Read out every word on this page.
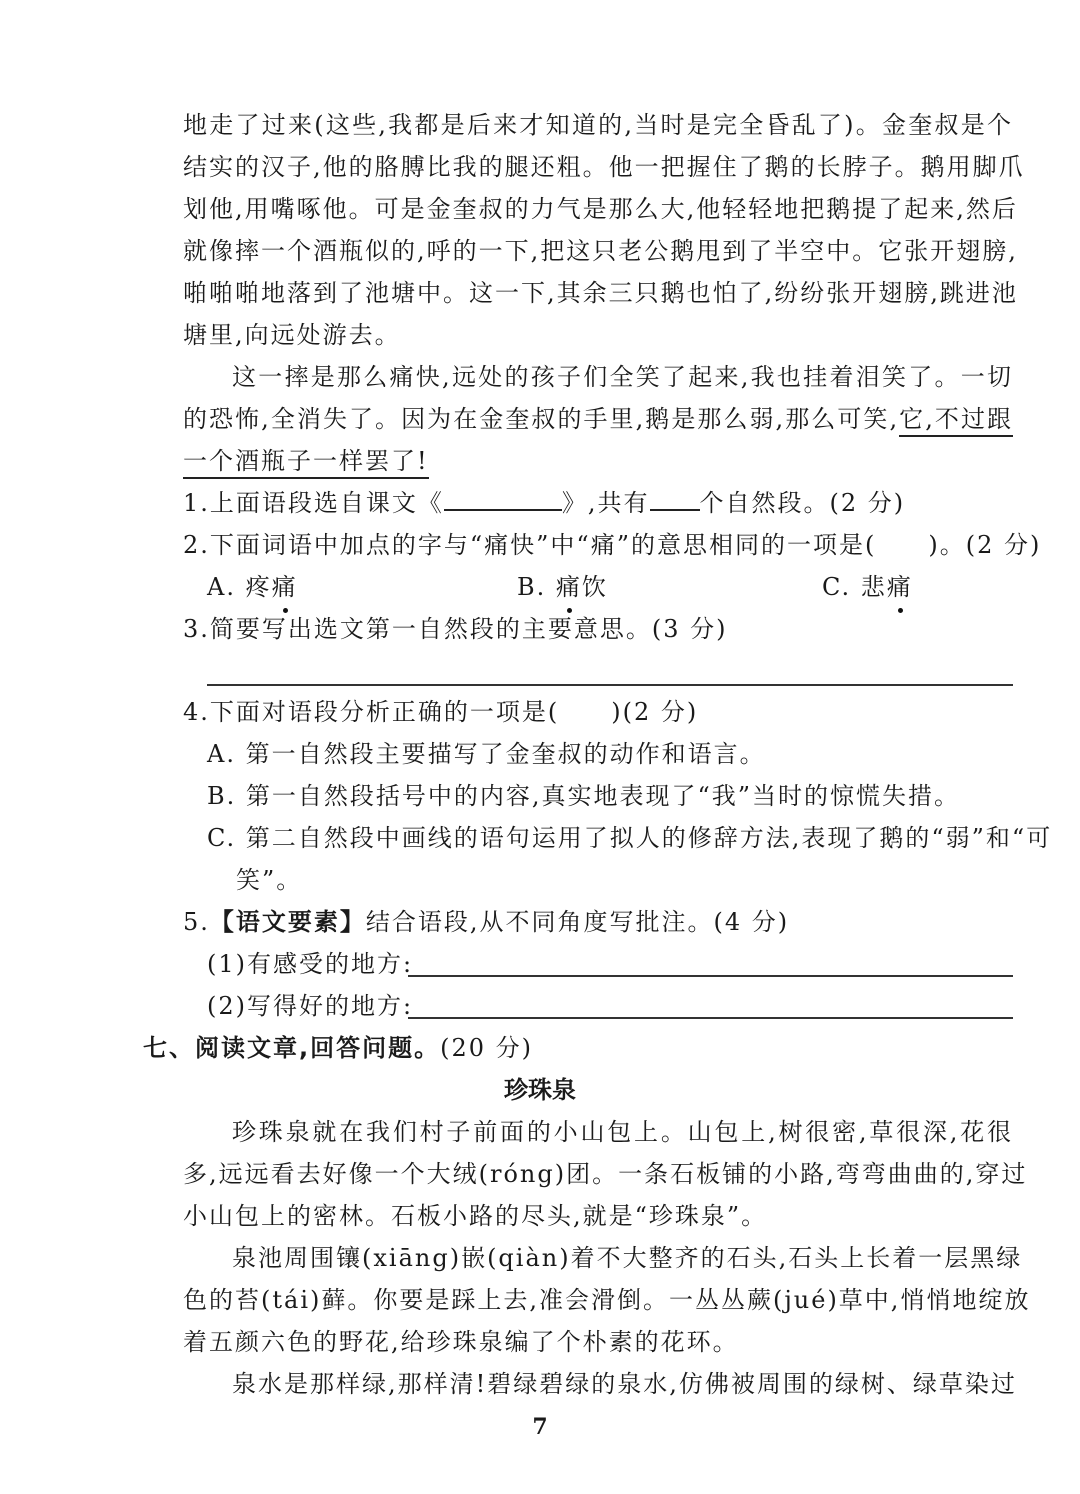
地走了过来(这些,我都是后来才知道的,当时是完全昏乱了)。金奎叔是个
结实的汉子,他的胳膊比我的腿还粗。他一把握住了鹅的长脖子。鹅用脚爪
划他,用嘴啄他。可是金奎叔的力气是那么大,他轻轻地把鹅提了起来,然后
就像摔一个酒瓶似的,呼的一下,把这只老公鹅甩到了半空中。它张开翅膀,
啪啪啪地落到了池塘中。这一下,其余三只鹅也怕了,纷纷张开翅膀,跳进池
塘里,向远处游去。
这一摔是那么痛快,远处的孩子们全笑了起来,我也挂着泪笑了。一切
的恐怖,全消失了。因为在金奎叔的手里,鹅是那么弱,那么可笑,它,不过跟
一个酒瓶子一样罢了!
1.上面语段选自课文《	》,共有 个自然段。(2 分)
2.下面词语中加点的字与“痛快”中“痛”的意思相同的一项是( )。(2 分)
A. 疼痛	B. 痛饮	C. 悲痛
3.简要写出选文第一自然段的主要意思。(3 分)
4.下面对语段分析正确的一项是( )(2 分)
A. 第一自然段主要描写了金奎叔的动作和语言。
B. 第一自然段括号中的内容,真实地表现了“我”当时的惊慌失措。
C. 第二自然段中画线的语句运用了拟人的修辞方法,表现了鹅的“弱”和“可
笑”。
5.【语文要素】结合语段,从不同角度写批注。(4 分)
(1)有感受的地方:
(2)写得好的地方:
七、阅读文章,回答问题。(20 分)
珍珠泉
珍珠泉就在我们村子前面的小山包上。山包上,树很密,草很深,花很
多,远远看去好像一个大绒(róng)团。一条石板铺的小路,弯弯曲曲的,穿过
小山包上的密林。石板小路的尽头,就是“珍珠泉”。
泉池周围镶(xiāng)嵌(qiàn)着不大整齐的石头,石头上长着一层黑绿
色的苔(tái)藓。你要是踩上去,准会滑倒。一丛丛蕨(jué)草中,悄悄地绽放
着五颜六色的野花,给珍珠泉编了个朴素的花环。
泉水是那样绿,那样清!碧绿碧绿的泉水,仿佛被周围的绿树、绿草染过
7
